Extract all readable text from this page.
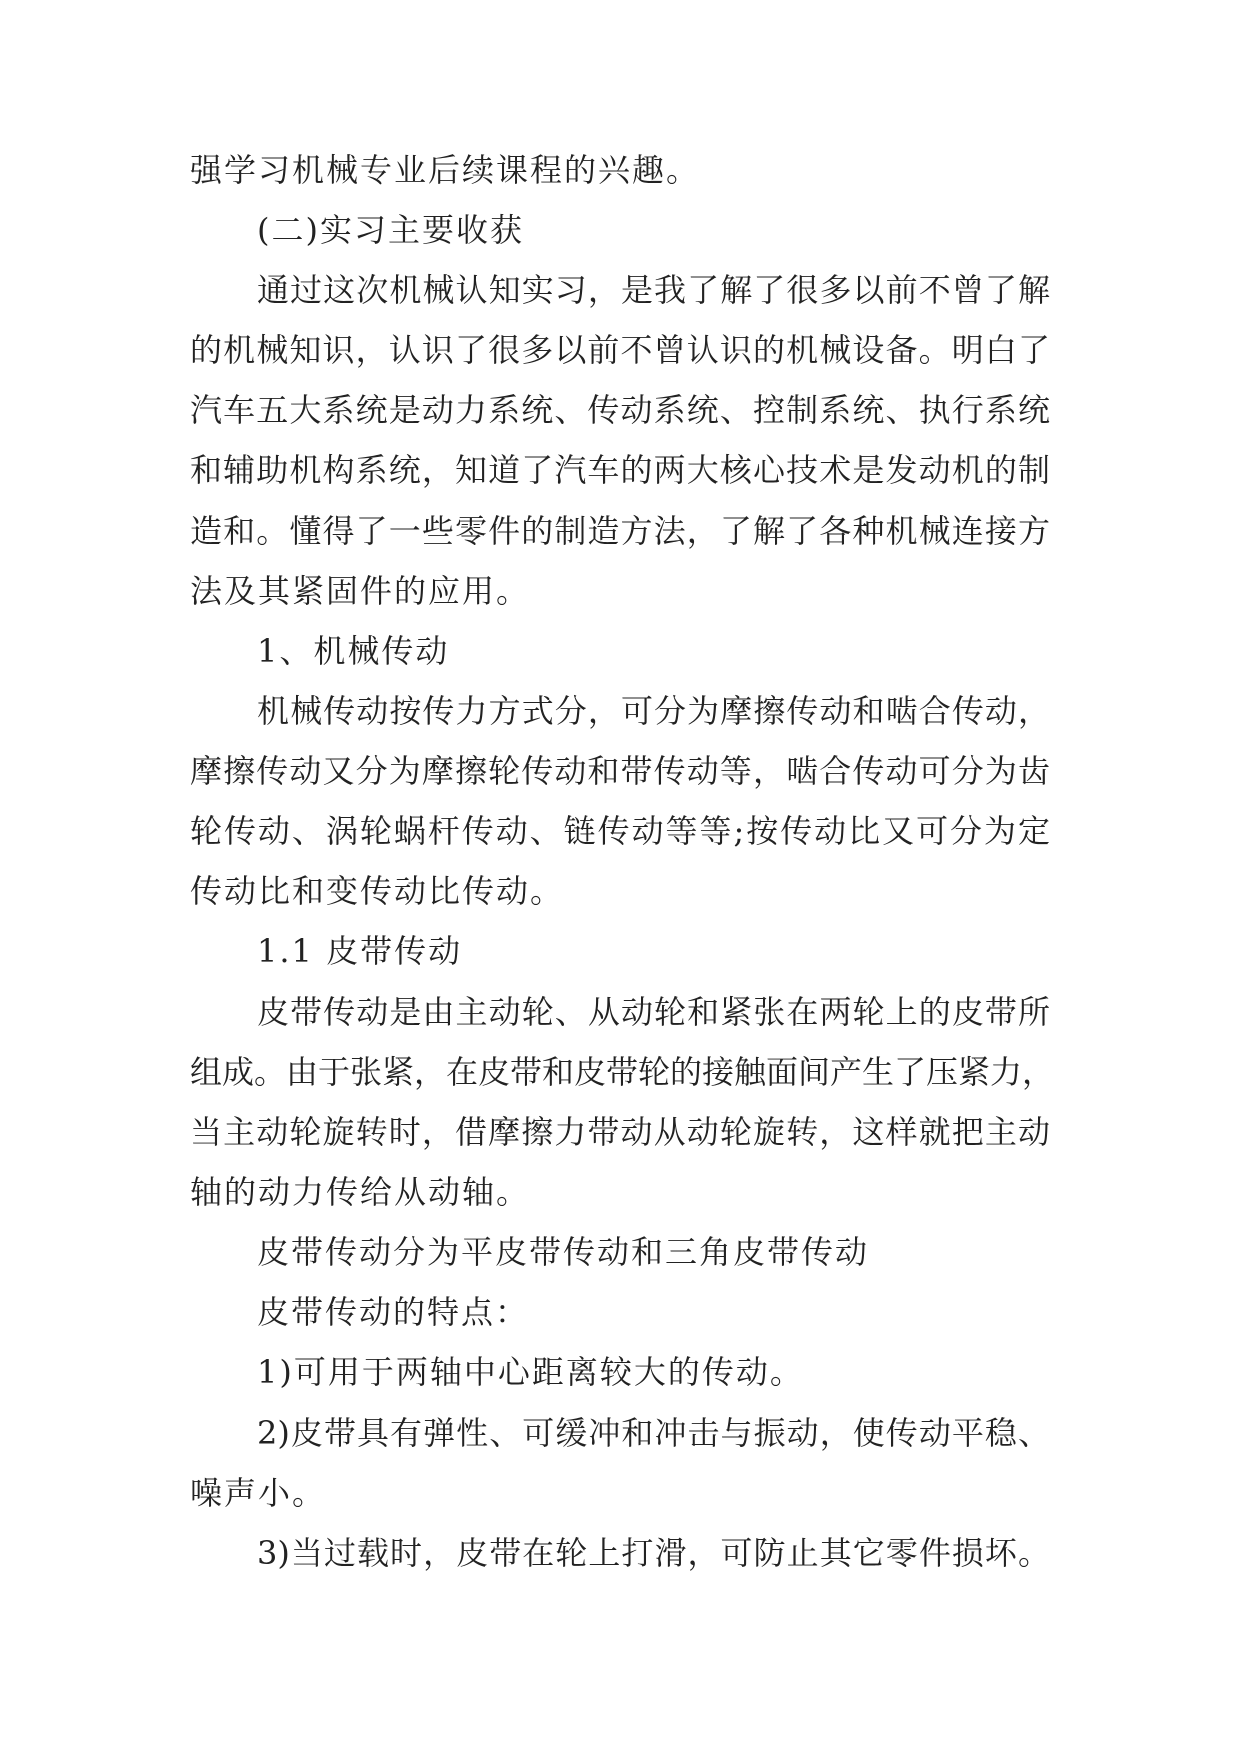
强学习机械专业后续课程的兴趣。
(二)实习主要收获
通过这次机械认知实习，是我了解了很多以前不曾了解
的机械知识，认识了很多以前不曾认识的机械设备。明白了
汽车五大系统是动力系统、传动系统、控制系统、执行系统
和辅助机构系统，知道了汽车的两大核心技术是发动机的制
造和。懂得了一些零件的制造方法，了解了各种机械连接方
法及其紧固件的应用。
1、机械传动
机械传动按传力方式分，可分为摩擦传动和啮合传动，
摩擦传动又分为摩擦轮传动和带传动等，啮合传动可分为齿
轮传动、涡轮蜗杆传动、链传动等等;按传动比又可分为定
传动比和变传动比传动。
1.1 皮带传动
皮带传动是由主动轮、从动轮和紧张在两轮上的皮带所
组成。由于张紧，在皮带和皮带轮的接触面间产生了压紧力，
当主动轮旋转时，借摩擦力带动从动轮旋转，这样就把主动
轴的动力传给从动轴。
皮带传动分为平皮带传动和三角皮带传动
皮带传动的特点：
1)可用于两轴中心距离较大的传动。
2)皮带具有弹性、可缓冲和冲击与振动，使传动平稳、
噪声小。
3)当过载时，皮带在轮上打滑，可防止其它零件损坏。
